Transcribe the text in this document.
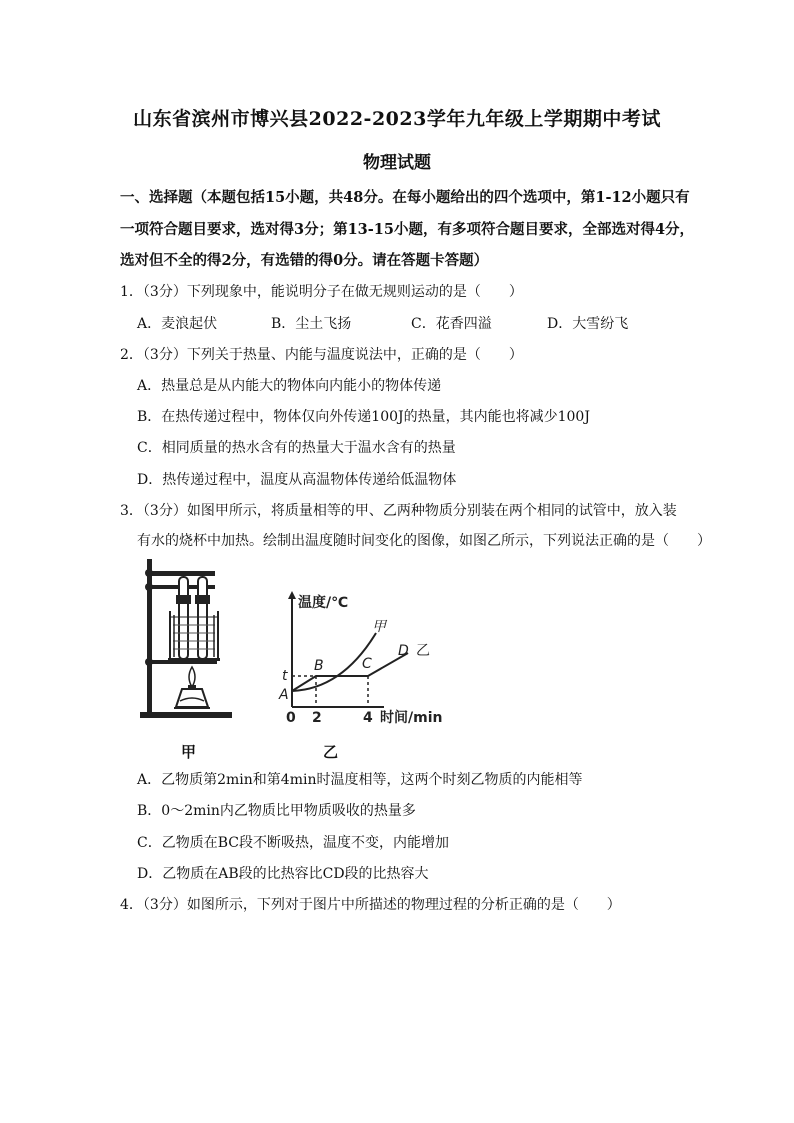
山东省滨州市博兴县2022-2023学年九年级上学期期中考试
物理试题
一、选择题（本题包括15小题，共48分。在每小题给出的四个选项中，第1-12小题只有
一项符合题目要求，选对得3分；第13-15小题，有多项符合题目要求，全部选对得4分，
选对但不全的得2分，有选错的得0分。请在答题卡答题）
1．（3分）下列现象中，能说明分子在做无规则运动的是（　　）
A．麦浪起伏	B．尘土飞扬	C．花香四溢	D．大雪纷飞
2．（3分）下列关于热量、内能与温度说法中，正确的是（　　）
A．热量总是从内能大的物体向内能小的物体传递
B．在热传递过程中，物体仅向外传递100J的热量，其内能也将减少100J
C．相同质量的热水含有的热量大于温水含有的热量
D．热传递过程中，温度从高温物体传递给低温物体
3．（3分）如图甲所示，将质量相等的甲、乙两种物质分别装在两个相同的试管中，放入装
有水的烧杯中加热。绘制出温度随时间变化的图像，如图乙所示，下列说法正确的是（　　）
甲
温度/℃
甲
D 乙
C
B
t
A
0 2	4 时间/min
乙
A．乙物质第2min和第4min时温度相等，这两个时刻乙物质的内能相等
B．0～2min内乙物质比甲物质吸收的热量多
C．乙物质在BC段不断吸热，温度不变，内能增加
D．乙物质在AB段的比热容比CD段的比热容大
4．（3分）如图所示，下列对于图片中所描述的物理过程的分析正确的是（　　）
